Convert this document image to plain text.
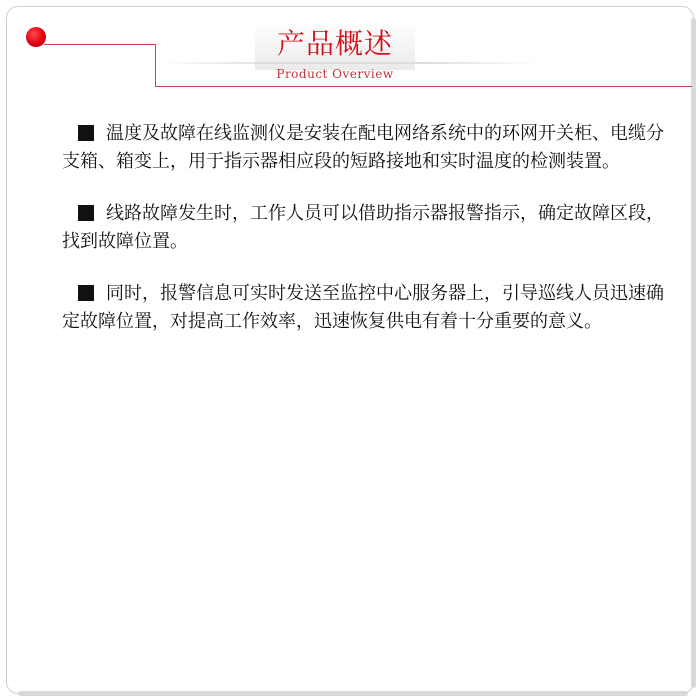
产品概述
Product Overview

温度及故障在线监测仪是安装在配电网络系统中的环网开关柜、电缆分支箱、箱变上，用于指示器相应段的短路接地和实时温度的检测装置。

线路故障发生时，工作人员可以借助指示器报警指示，确定故障区段，找到故障位置。

同时，报警信息可实时发送至监控中心服务器上，引导巡线人员迅速确定故障位置，对提高工作效率，迅速恢复供电有着十分重要的意义。
